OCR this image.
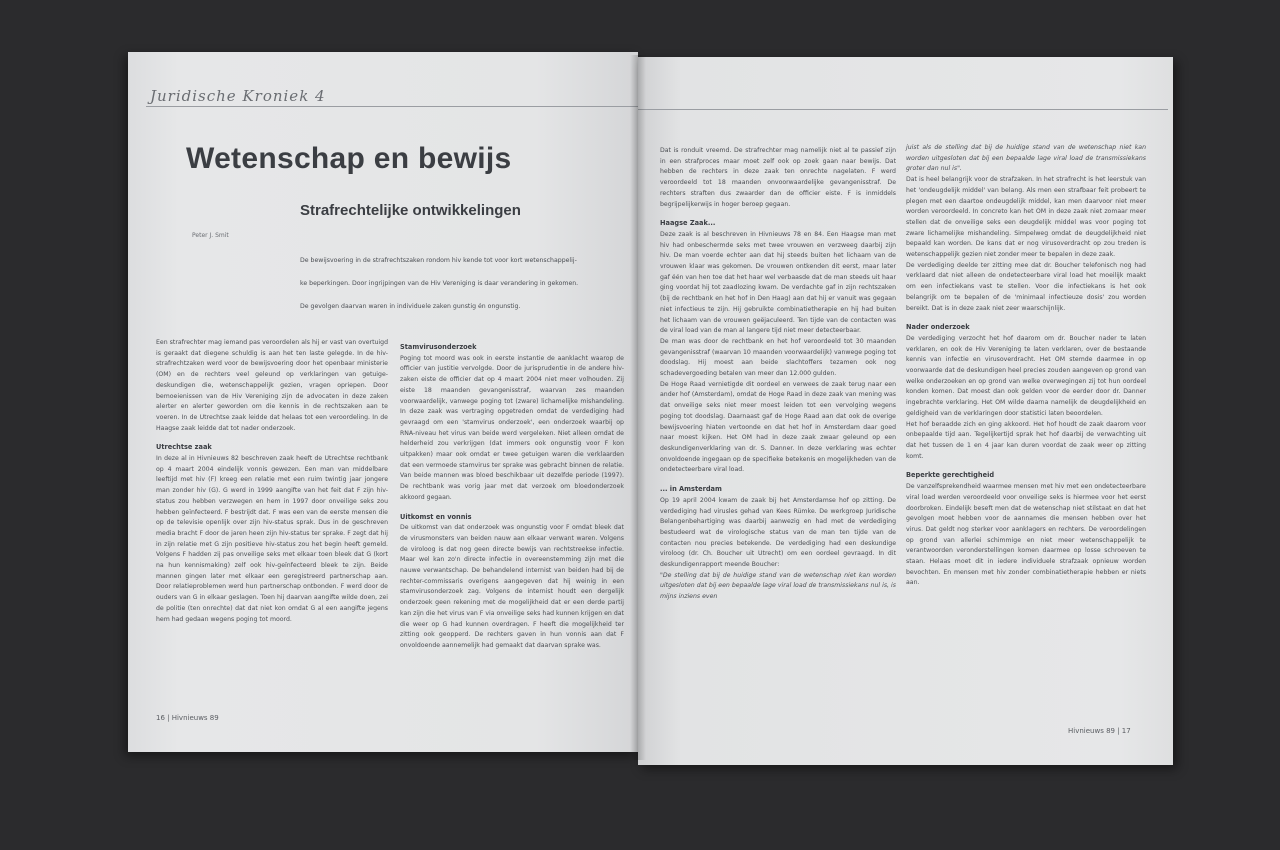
Juridische Kroniek 4
Wetenschap en bewijs
Strafrechtelijke ontwikkelingen
Peter J. Smit

De bewijsvoering in de strafrechtszaken rondom hiv kende tot voor kort wetenschappelij-

ke beperkingen. Door ingrijpingen van de Hiv Vereniging is daar verandering in gekomen.

De gevolgen daarvan waren in individuele zaken gunstig én ongunstig.

Een strafrechter mag iemand pas veroordelen als hij er vast van overtuigd is geraakt dat diegene schuldig is aan het ten laste gelegde. In de hiv-strafrechtzaken werd voor de bewijsvoering door het openbaar ministerie (OM) en de rechters veel geleund op verklaringen van getuige-deskundigen die, wetenschappelijk gezien, vragen opriepen. Door bemoeienissen van de Hiv Vereniging zijn de advocaten in deze zaken alerter en alerter geworden om die kennis in de rechtszaken aan te voeren. In de Utrechtse zaak leidde dat helaas tot een veroordeling. In de Haagse zaak leidde dat tot nader onderzoek.

Utrechtse zaak

In deze al in Hivnieuws 82 beschreven zaak heeft de Utrechtse rechtbank op 4 maart 2004 eindelijk vonnis gewezen. Een man van middelbare leeftijd met hiv (F) kreeg een relatie met een ruim twintig jaar jongere man zonder hiv (G). G werd in 1999 aangifte van het feit dat F zijn hiv-status zou hebben verzwegen en hem in 1997 door onveilige seks zou hebben geïnfecteerd. F bestrijdt dat. F was een van de eerste mensen die op de televisie openlijk over zijn hiv-status sprak. Dus in de geschreven media bracht F door de jaren heen zijn hiv-status ter sprake. F zegt dat hij in zijn relatie met G zijn positieve hiv-status zou het begin heeft gemeld. Volgens F hadden zij pas onveilige seks met elkaar toen bleek dat G (kort na hun kennismaking) zelf ook hiv-geïnfecteerd bleek te zijn. Beide mannen gingen later met elkaar een geregistreerd partnerschap aan. Door relatieproblemen werd hun partnerschap ontbonden. F werd door de ouders van G in elkaar geslagen. Toen hij daarvan aangifte wilde doen, zei de politie (ten onrechte) dat dat niet kon omdat G al een aangifte jegens hem had gedaan wegens poging tot moord.

Stamvirusonderzoek

Poging tot moord was ook in eerste instantie de aanklacht waarop de officier van justitie vervolgde. Door de jurisprudentie in de andere hiv-zaken eiste de officier dat op 4 maart 2004 niet meer volhouden. Zij eiste 18 maanden gevangenisstraf, waarvan zes maanden voorwaardelijk, vanwege poging tot (zware) lichamelijke mishandeling. In deze zaak was vertraging opgetreden omdat de verdediging had gevraagd om een 'stamvirus onderzoek', een onderzoek waarbij op RNA-niveau het virus van beide werd vergeleken. Niet alleen omdat de helderheid zou verkrijgen (dat immers ook ongunstig voor F kon uitpakken) maar ook omdat er twee getuigen waren die verklaarden dat een vermoede stamvirus ter sprake was gebracht binnen de relatie. Van beide mannen was bloed beschikbaar uit dezelfde periode (1997). De rechtbank was vorig jaar met dat verzoek om bloedonderzoek akkoord gegaan.

Uitkomst en vonnis

De uitkomst van dat onderzoek was ongunstig voor F omdat bleek dat de virusmonsters van beiden nauw aan elkaar verwant waren. Volgens de viroloog is dat nog geen directe bewijs van rechtstreekse infectie. Maar wel kan zo'n directe infectie in overeenstemming zijn met die nauwe verwantschap. De behandelend internist van beiden had bij de rechter-commissaris overigens aangegeven dat hij weinig in een stamvirusonderzoek zag. Volgens de internist houdt een dergelijk onderzoek geen rekening met de mogelijkheid dat er een derde partij kan zijn die het virus van F via onveilige seks had kunnen krijgen en dat die weer op G had kunnen overdragen. F heeft die mogelijkheid ter zitting ook geopperd. De rechters gaven in hun vonnis aan dat F onvoldoende aannemelijk had gemaakt dat daarvan sprake was.

16 | Hivnieuws 89

Dat is ronduit vreemd. De strafrechter mag namelijk niet al te passief zijn in een strafproces maar moet zelf ook op zoek gaan naar bewijs. Dat hebben de rechters in deze zaak ten onrechte nagelaten. F werd veroordeeld tot 18 maanden onvoorwaardelijke gevangenisstraf. De rechters straften dus zwaarder dan de officier eiste. F is inmiddels begrijpelijkerwijs in hoger beroep gegaan.

Haagse Zaak...

Deze zaak is al beschreven in Hivnieuws 78 en 84. Een Haagse man met hiv had onbeschermde seks met twee vrouwen en verzweeg daarbij zijn hiv. De man voerde echter aan dat hij steeds buiten het lichaam van de vrouwen klaar was gekomen. De vrouwen ontkenden dit eerst, maar later gaf één van hen toe dat het haar wel verbaasde dat de man steeds uit haar ging voordat hij tot zaadlozing kwam. De verdachte gaf in zijn rechtszaken (bij de rechtbank en het hof in Den Haag) aan dat hij er vanuit was gegaan niet infectieus te zijn. Hij gebruikte combinatietherapie en hij had buiten het lichaam van de vrouwen geëjaculeerd. Ten tijde van de contacten was de viral load van de man al langere tijd niet meer detecteerbaar.

De man was door de rechtbank en het hof veroordeeld tot 30 maanden gevangenisstraf (waarvan 10 maanden voorwaardelijk) vanwege poging tot doodslag. Hij moest aan beide slachtoffers tezamen ook nog schadevergoeding betalen van meer dan 12.000 gulden.

De Hoge Raad vernietigde dit oordeel en verwees de zaak terug naar een ander hof (Amsterdam), omdat de Hoge Raad in deze zaak van mening was dat onveilige seks niet meer moest leiden tot een vervolging wegens poging tot doodslag. Daarnaast gaf de Hoge Raad aan dat ook de overige bewijsvoering hiaten vertoonde en dat het hof in Amsterdam daar goed naar moest kijken. Het OM had in deze zaak zwaar geleund op een deskundigenverklaring van dr. S. Danner. In deze verklaring was echter onvoldoende ingegaan op de specifieke betekenis en mogelijkheden van de ondetecteerbare viral load.

... in Amsterdam

Op 19 april 2004 kwam de zaak bij het Amsterdamse hof op zitting. De verdediging had virusles gehad van Kees Rümke. De werkgroep Juridische Belangenbehartiging was daarbij aanwezig en had met de verdediging bestudeerd wat de virologische status van de man ten tijde van de contacten nou precies betekende. De verdediging had een deskundige viroloog (dr. Ch. Boucher uit Utrecht) om een oordeel gevraagd. In dit deskundigenrapport meende Boucher:

"De stelling dat bij de huidige stand van de wetenschap niet kan worden uitgesloten dat bij een bepaalde lage viral load de transmissiekans nul is, is mijns inziens even

juist als de stelling dat bij de huidige stand van de wetenschap niet kan worden uitgesloten dat bij een bepaalde lage viral load de transmissiekans groter dan nul is".

Dat is heel belangrijk voor de strafzaken. In het strafrecht is het leerstuk van het 'ondeugdelijk middel' van belang. Als men een strafbaar feit probeert te plegen met een daartoe ondeugdelijk middel, kan men daarvoor niet meer worden veroordeeld. In concreto kan het OM in deze zaak niet zomaar meer stellen dat de onveilige seks een deugdelijk middel was voor poging tot zware lichamelijke mishandeling. Simpelweg omdat de deugdelijkheid niet bepaald kan worden. De kans dat er nog virusoverdracht op zou treden is wetenschappelijk gezien niet zonder meer te bepalen in deze zaak.

De verdediging deelde ter zitting mee dat dr. Boucher telefonisch nog had verklaard dat niet alleen de ondetecteerbare viral load het moeilijk maakt om een infectiekans vast te stellen. Voor die infectiekans is het ook belangrijk om te bepalen of de 'minimaal infectieuze dosis' zou worden bereikt. Dat is in deze zaak niet zeer waarschijnlijk.

Nader onderzoek

De verdediging verzocht het hof daarom om dr. Boucher nader te laten verklaren, en ook de Hiv Vereniging te laten verklaren, over de bestaande kennis van infectie en virusoverdracht. Het OM stemde daarmee in op voorwaarde dat de deskundigen heel precies zouden aangeven op grond van welke onderzoeken en op grond van welke overwegingen zij tot hun oordeel konden komen. Dat moest dan ook gelden voor de eerder door dr. Danner ingebrachte verklaring. Het OM wilde daarna namelijk de deugdelijkheid en geldigheid van de verklaringen door statistici laten beoordelen.

Het hof beraadde zich en ging akkoord. Het hof houdt de zaak daarom voor onbepaalde tijd aan. Tegelijkertijd sprak het hof daarbij de verwachting uit dat het tussen de 1 en 4 jaar kan duren voordat de zaak weer op zitting komt.

Beperkte gerechtigheid

De vanzelfsprekendheid waarmee mensen met hiv met een ondetecteerbare viral load werden veroordeeld voor onveilige seks is hiermee voor het eerst doorbroken. Eindelijk beseft men dat de wetenschap niet stilstaat en dat het gevolgen moet hebben voor de aannames die mensen hebben over het virus. Dat geldt nog sterker voor aanklagers en rechters. De veroordelingen op grond van allerlei schimmige en niet meer wetenschappelijk te verantwoorden veronderstellingen komen daarmee op losse schroeven te staan. Helaas moet dit in iedere individuele strafzaak opnieuw worden bevochten. En mensen met hiv zonder combinatietherapie hebben er niets aan.

Hivnieuws 89 | 17
